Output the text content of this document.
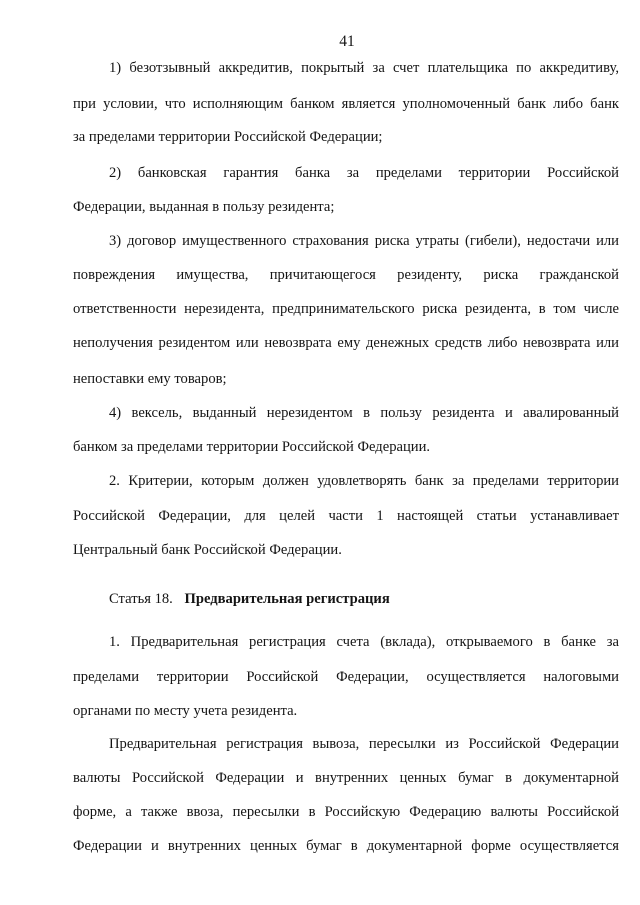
41
1) безотзывный аккредитив, покрытый за счет плательщика по аккредитиву,
при условии, что исполняющим банком является уполномоченный банк либо банк
за пределами территории Российской Федерации;
2) банковская гарантия банка за пределами территории Российской
Федерации, выданная в пользу резидента;
3) договор имущественного страхования риска утраты (гибели), недостачи или
повреждения имущества, причитающегося резиденту, риска гражданской
ответственности нерезидента, предпринимательского риска резидента, в том числе
неполучения резидентом или невозврата ему денежных средств либо невозврата или
непоставки ему товаров;
4) вексель, выданный нерезидентом в пользу резидента и авалированный
банком за пределами территории Российской Федерации.
2. Критерии, которым должен удовлетворять банк за пределами территории
Российской Федерации, для целей части 1 настоящей статьи устанавливает
Центральный банк Российской Федерации.
Статья 18. Предварительная регистрация
1. Предварительная регистрация счета (вклада), открываемого в банке за
пределами территории Российской Федерации, осуществляется налоговыми
органами по месту учета резидента.
Предварительная регистрация вывоза, пересылки из Российской Федерации
валюты Российской Федерации и внутренних ценных бумаг в документарной
форме, а также ввоза, пересылки в Российскую Федерацию валюты Российской
Федерации и внутренних ценных бумаг в документарной форме осуществляется
